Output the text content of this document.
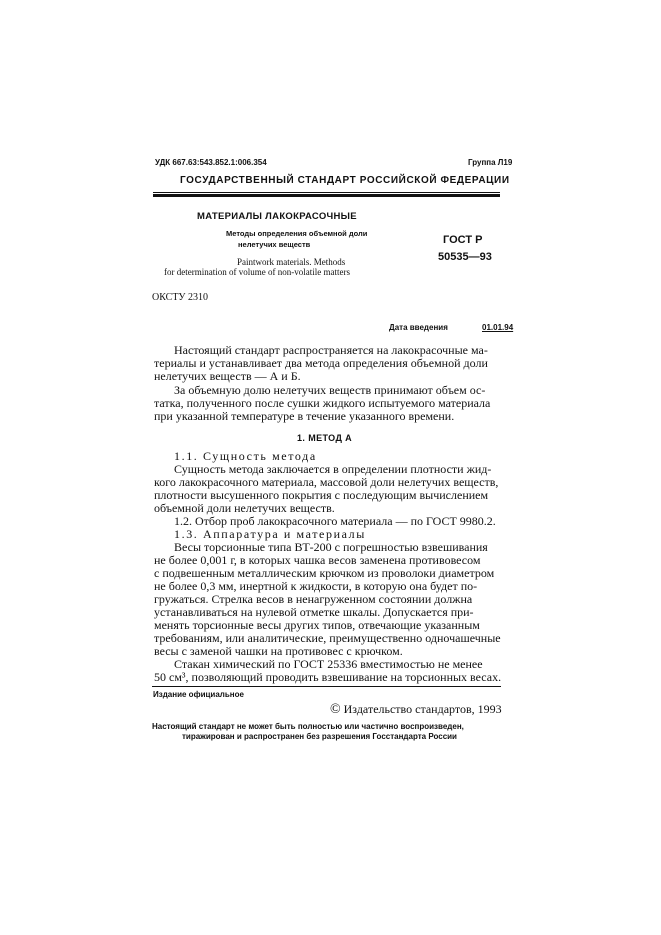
УДК 667.63:543.852.1:006.354	Группа Л19
ГОСУДАРСТВЕННЫЙ СТАНДАРТ РОССИЙСКОЙ ФЕДЕРАЦИИ
МАТЕРИАЛЫ ЛАКОКРАСОЧНЫЕ
Методы определения объемной доли
нелетучих веществ
Paintwork materials. Methods
for determination of volume of non-volatile matters
ГОСТ Р
50535—93
ОКСТУ 2310
Дата введения	01.01.94
Настоящий стандарт распространяется на лакокрасочные ма-
териалы и устанавливает два метода определения объемной доли
нелетучих веществ — А и Б.
За объемную долю нелетучих веществ принимают объем ос-
татка, полученного после сушки жидкого испытуемого материала
при указанной температуре в течение указанного времени.
1. МЕТОД А
1.1. Сущность метода
Сущность метода заключается в определении плотности жид-
кого лакокрасочного материала, массовой доли нелетучих веществ,
плотности высушенного покрытия с последующим вычислением
объемной доли нелетучих веществ.
1.2. Отбор проб лакокрасочного материала — по ГОСТ 9980.2.
1.3. Аппаратура и материалы
Весы торсионные типа ВТ-200 с погрешностью взвешивания
не более 0,001 г, в которых чашка весов заменена противовесом
с подвешенным металлическим крючком из проволоки диаметром
не более 0,3 мм, инертной к жидкости, в которую она будет по-
гружаться. Стрелка весов в ненагруженном состоянии должна
устанавливаться на нулевой отметке шкалы. Допускается при-
менять торсионные весы других типов, отвечающие указанным
требованиям, или аналитические, преимущественно одночашечные
весы с заменой чашки на противовес с крючком.
Стакан химический по ГОСТ 25336 вместимостью не менее
50 см³, позволяющий проводить взвешивание на торсионных весах.
Издание официальное
© Издательство стандартов, 1993
Настоящий стандарт не может быть полностью или частично воспроизведен,
тиражирован и распространен без разрешения Госстандарта России
